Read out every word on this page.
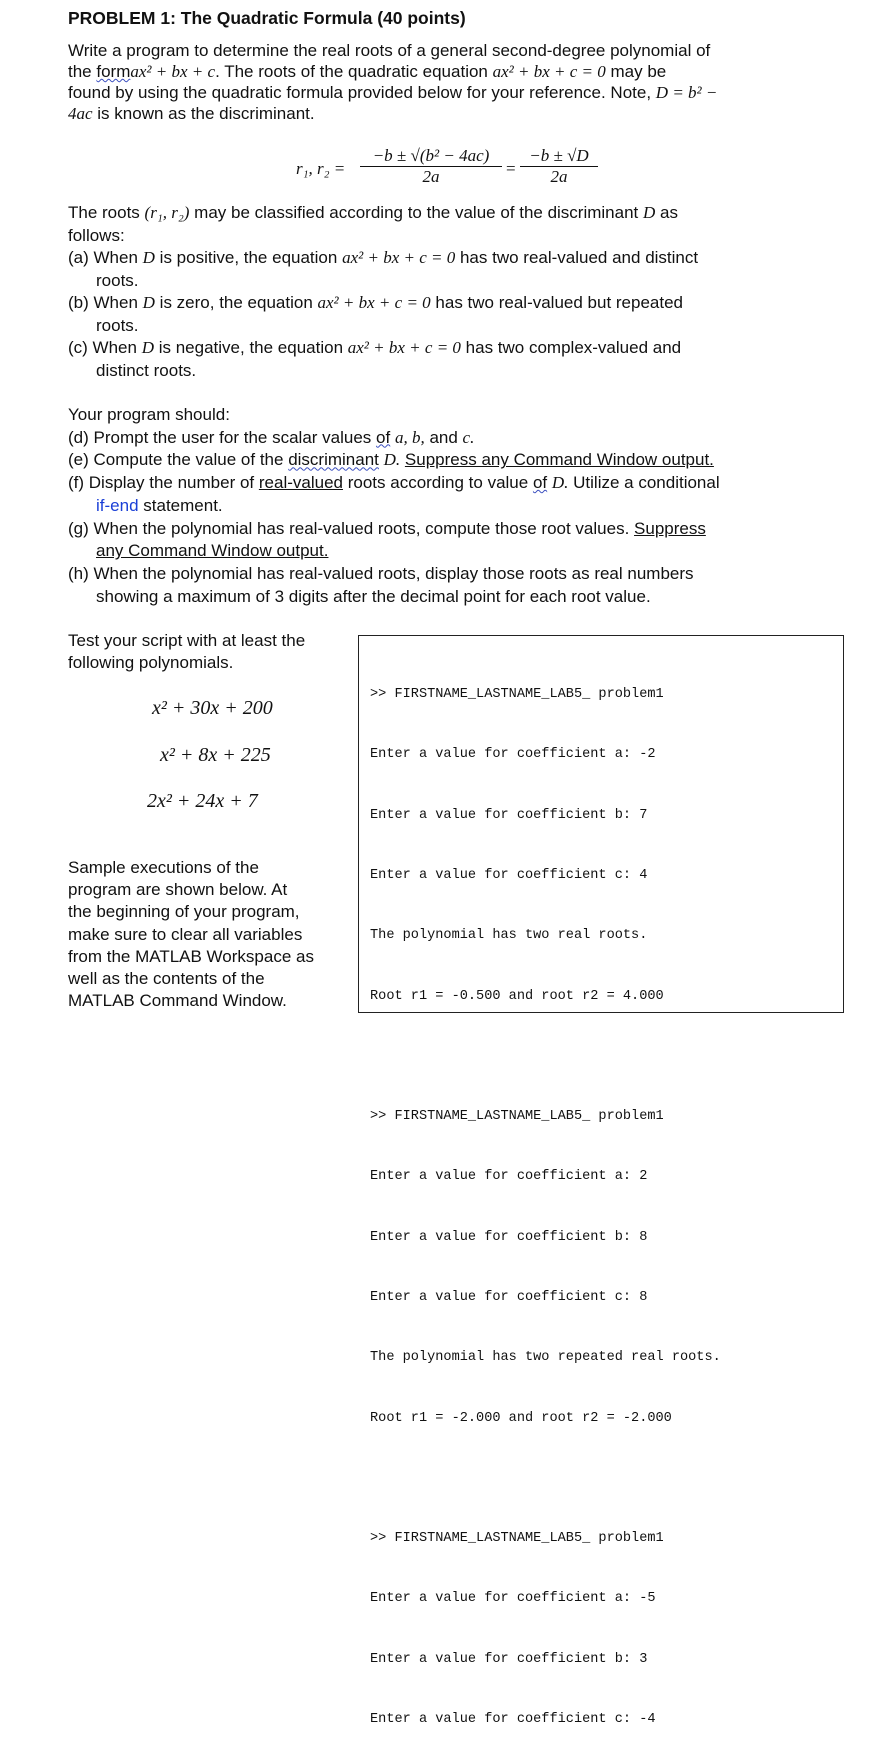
PROBLEM 1: The Quadratic Formula (40 points)
Write a program to determine the real roots of a general second-degree polynomial of
the formax² + bx + c. The roots of the quadratic equation ax² + bx + c = 0 may be
found by using the quadratic formula provided below for your reference. Note, D = b² −
4ac is known as the discriminant.
r₁, $r_2 = \frac{\text{−b ± √(b² − 4ac)}}{2a} = \frac{-b \pm √D}{2a}$
The roots (r₁, r₂) may be classified according to the value of the discriminant D as
follows:
(a) When D is positive, the equation ax² + bx + c = 0 has two real-valued and distinct
roots.
(b) When D is zero, the equation ax² + bx + c = 0 has two real-valued but repeated
roots.
(c) When D is negative, the equation ax² + bx + c = 0 has two complex-valued and
distinct roots.
Your program should:
(d) Prompt the user for the scalar values of a, b, and c.
(e) Compute the value of the discriminant D. Suppress any Command Window output.
(f) Display the number of real-valued roots according to value of D. Utilize a conditional
if-end statement.
(g) When the polynomial has real-valued roots, compute those root values. Suppress
any Command Window output.
(h) When the polynomial has real-valued roots, display those roots as real numbers
showing a maximum of 3 digits after the decimal point for each root value.
Test your script with at least the
following polynomials.
x² + 30x + 200
x² + 8x + 225
2x² + 24x + 7
Sample executions of the
program are shown below. At
the beginning of your program,
make sure to clear all variables
from the MATLAB Workspace as
well as the contents of the
MATLAB Command Window.

>> FIRSTNAME_LASTNAME_LAB5_ problem1

Enter a value for coefficient a: -2

Enter a value for coefficient b: 7

Enter a value for coefficient c: 4

The polynomial has two real roots.

Root r1 = -0.500 and root r2 = 4.000

>> FIRSTNAME_LASTNAME_LAB5_ problem1

Enter a value for coefficient a: 2

Enter a value for coefficient b: 8

Enter a value for coefficient c: 8

The polynomial has two repeated real roots.

Root r1 = -2.000 and root r2 = -2.000

>> FIRSTNAME_LASTNAME_LAB5_ problem1

Enter a value for coefficient a: -5

Enter a value for coefficient b: 3

Enter a value for coefficient c: -4
